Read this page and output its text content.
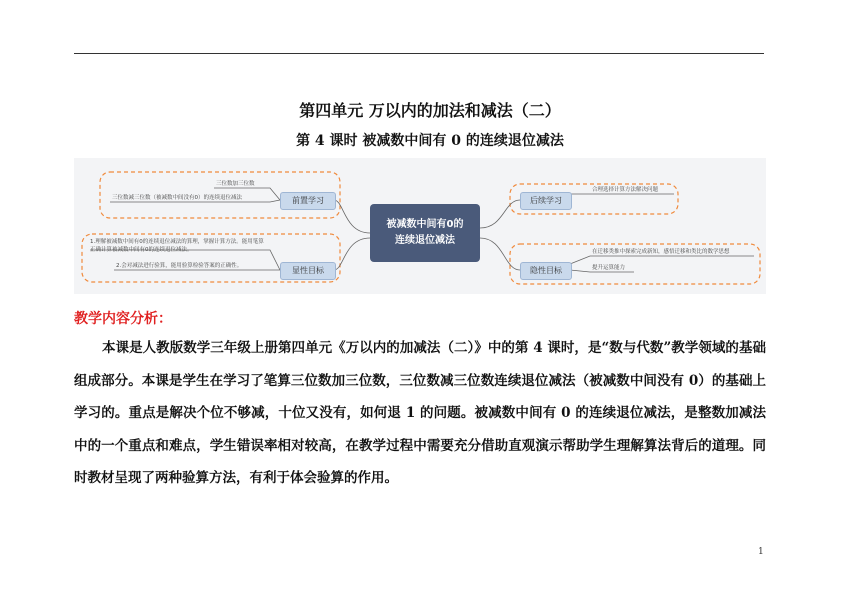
第四单元 万以内的加法和减法（二）
第 4 课时 被减数中间有 0 的连续退位减法
被减数中间有0的连续退位减法
前置学习
显性目标
后续学习
隐性目标
三位数加三位数
三位数减三位数（被减数中间没有0）的连续退位减法
1.理解被减数中间有0的连续退位减法的算理，掌握计算方法。能用笔算正确计算被减数中间有0的连续退位减法。
2.会对减法进行验算，能用验算检验答案的正确性。
合理选择计算方法解决问题
在迁移类推中探索完成新知，感悟迁移和类比的数学思想
提升运算能力
教学内容分析：
本课是人教版数学三年级上册第四单元《万以内的加减法（二）》中的第 4 课时，是“数与代数”教学领域的基础组成部分。本课是学生在学习了笔算三位数加三位数，三位数减三位数连续退位减法（被减数中间没有 0）的基础上学习的。重点是解决个位不够减，十位又没有，如何退 1 的问题。被减数中间有 0 的连续退位减法，是整数加减法中的一个重点和难点，学生错误率相对较高，在教学过程中需要充分借助直观演示帮助学生理解算法背后的道理。同时教材呈现了两种验算方法，有利于体会验算的作用。
1
